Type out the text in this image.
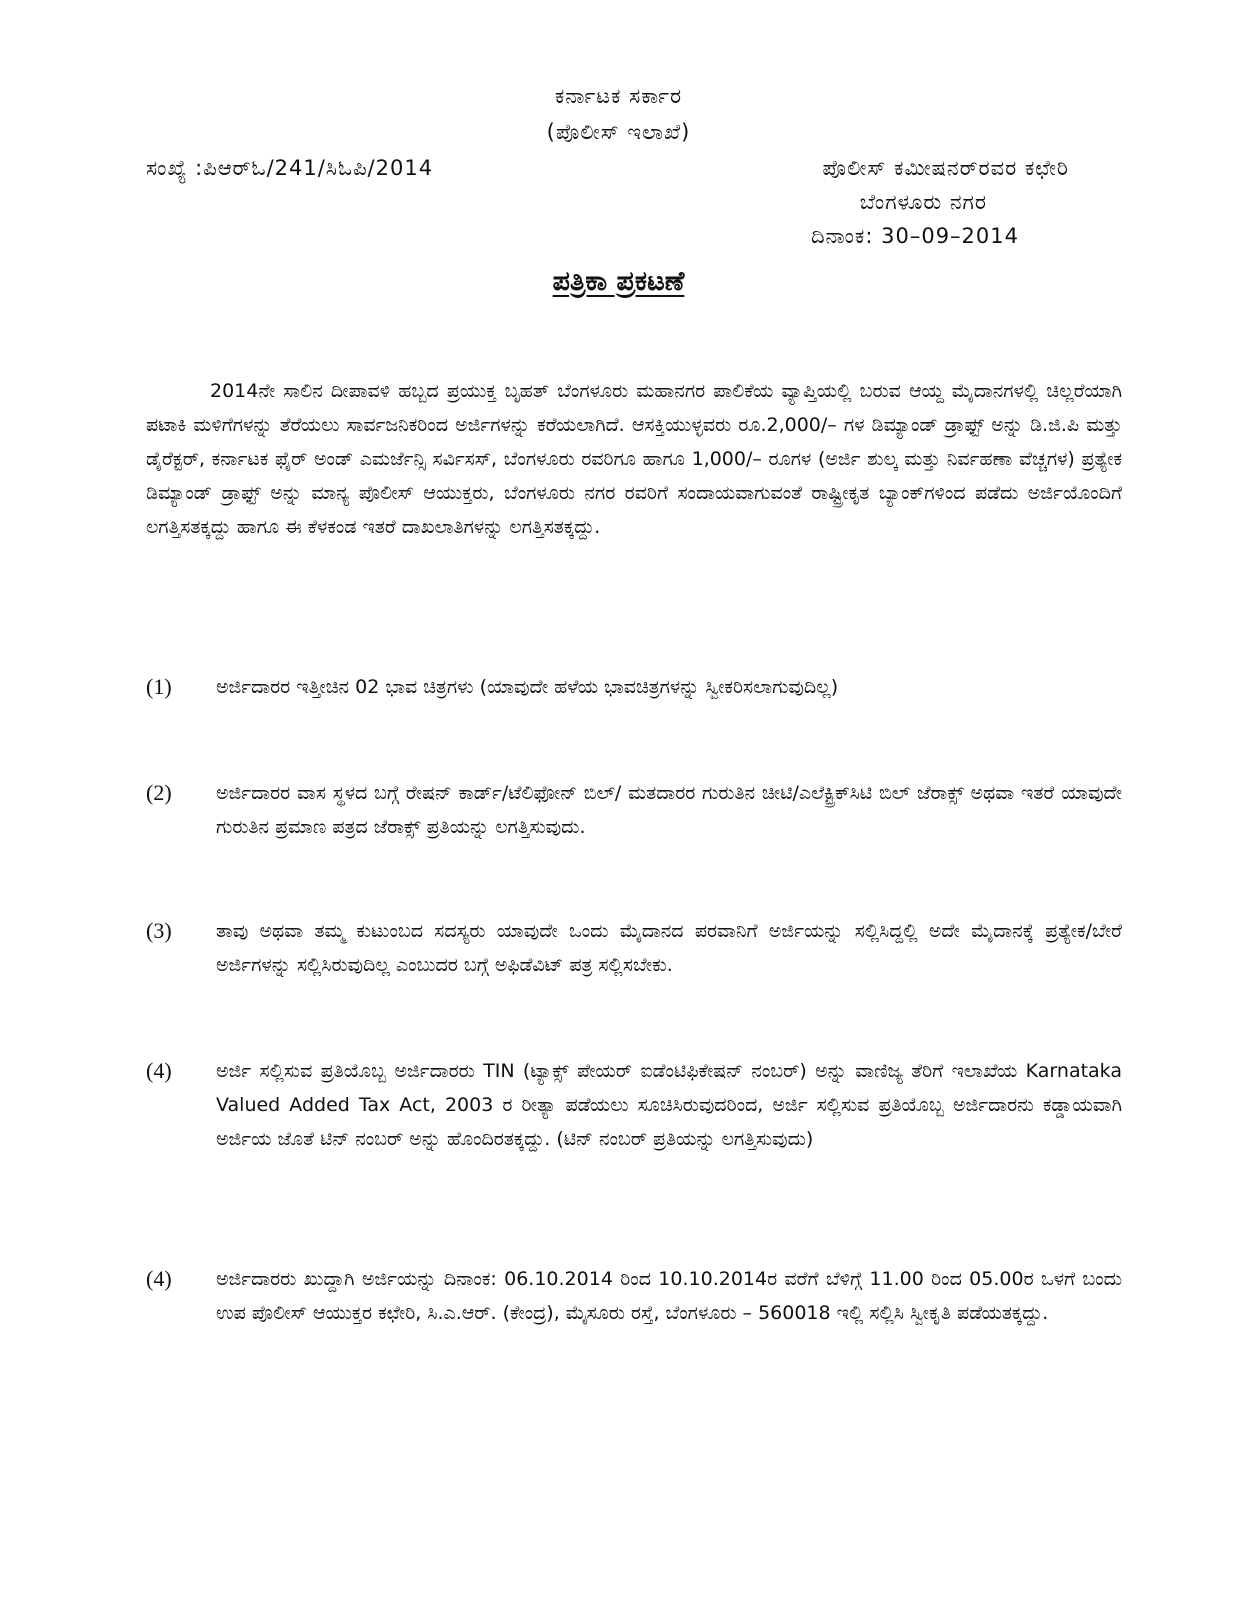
ಕರ್ನಾಟಕ ಸರ್ಕಾರ
(ಪೊಲೀಸ್ ಇಲಾಖೆ)
ಸಂಖ್ಯೆ :ಪಿಆರ್‌ಓ/241/ಸಿಓಪಿ/2014	ಪೊಲೀಸ್ ಕಮೀಷನರ್‌ರವರ ಕಛೇರಿ
ಬೆಂಗಳೂರು ನಗರ
ದಿನಾಂಕ: 30–09–2014
ಪತ್ರಿಕಾ ಪ್ರಕಟಣೆ
2014ನೇ ಸಾಲಿನ ದೀಪಾವಳಿ ಹಬ್ಬದ ಪ್ರಯುಕ್ತ ಬೃಹತ್ ಬೆಂಗಳೂರು ಮಹಾನಗರ ಪಾಲಿಕೆಯ ವ್ಯಾಪ್ತಿಯಲ್ಲಿ ಬರುವ ಆಯ್ದ ಮೈದಾನಗಳಲ್ಲಿ ಚಿಲ್ಲರೆಯಾಗಿ ಪಟಾಕಿ ಮಳಿಗೆಗಳನ್ನು ತೆರೆಯಲು ಸಾರ್ವಜನಿಕರಿಂದ ಅರ್ಜಿಗಳನ್ನು ಕರೆಯಲಾಗಿದೆ. ಆಸಕ್ತಿಯುಳ್ಳವರು ರೂ.2,000/– ಗಳ ಡಿಮ್ಯಾಂಡ್ ಡ್ರಾಫ್ಟ್ ಅನ್ನು ಡಿ.ಜಿ.ಪಿ ಮತ್ತು ಡೈರೆಕ್ಟರ್, ಕರ್ನಾಟಕ ಫೈರ್ ಅಂಡ್ ಎಮರ್ಜೆನ್ಸಿ ಸರ್ವಿಸಸ್, ಬೆಂಗಳೂರು ರವರಿಗೂ ಹಾಗೂ 1,000/– ರೂಗಳ (ಅರ್ಜಿ ಶುಲ್ಕ ಮತ್ತು ನಿರ್ವಹಣಾ ವೆಚ್ಚಗಳ) ಪ್ರತ್ಯೇಕ ಡಿಮ್ಯಾಂಡ್ ಡ್ರಾಫ್ಟ್ ಅನ್ನು ಮಾನ್ಯ ಪೊಲೀಸ್ ಆಯುಕ್ತರು, ಬೆಂಗಳೂರು ನಗರ ರವರಿಗೆ ಸಂದಾಯವಾಗುವಂತೆ ರಾಷ್ಟ್ರೀಕೃತ ಬ್ಯಾಂಕ್‌ಗಳಿಂದ ಪಡೆದು ಅರ್ಜಿಯೊಂದಿಗೆ ಲಗತ್ತಿಸತಕ್ಕದ್ದು ಹಾಗೂ ಈ ಕೆಳಕಂಡ ಇತರೆ ದಾಖಲಾತಿಗಳನ್ನು ಲಗತ್ತಿಸತಕ್ಕದ್ದು.
(1) ಅರ್ಜಿದಾರರ ಇತ್ತೀಚಿನ 02 ಭಾವ ಚಿತ್ರಗಳು (ಯಾವುದೇ ಹಳೆಯ ಭಾವಚಿತ್ರಗಳನ್ನು ಸ್ವೀಕರಿಸಲಾಗುವುದಿಲ್ಲ)
(2) ಅರ್ಜಿದಾರರ ವಾಸ ಸ್ಥಳದ ಬಗ್ಗೆ ರೇಷನ್ ಕಾರ್ಡ್/ಟೆಲಿಫೋನ್ ಬಿಲ್/ ಮತದಾರರ ಗುರುತಿನ ಚೀಟಿ/ಎಲೆಕ್ಟ್ರಿಕ್‌ಸಿಟಿ ಬಿಲ್ ಜೆರಾಕ್ಸ್ ಅಥವಾ ಇತರೆ ಯಾವುದೇ ಗುರುತಿನ ಪ್ರಮಾಣ ಪತ್ರದ ಜೆರಾಕ್ಸ್ ಪ್ರತಿಯನ್ನು ಲಗತ್ತಿಸುವುದು.
(3) ತಾವು ಅಥವಾ ತಮ್ಮ ಕುಟುಂಬದ ಸದಸ್ಯರು ಯಾವುದೇ ಒಂದು ಮೈದಾನದ ಪರವಾನಿಗೆ ಅರ್ಜಿಯನ್ನು ಸಲ್ಲಿಸಿದ್ದಲ್ಲಿ ಅದೇ ಮೈದಾನಕ್ಕೆ ಪ್ರತ್ಯೇಕ/ಬೇರೆ ಅರ್ಜಿಗಳನ್ನು ಸಲ್ಲಿಸಿರುವುದಿಲ್ಲ ಎಂಬುದರ ಬಗ್ಗೆ ಅಫಿಡೆವಿಟ್ ಪತ್ರ ಸಲ್ಲಿಸಬೇಕು.
(4) ಅರ್ಜಿ ಸಲ್ಲಿಸುವ ಪ್ರತಿಯೊಬ್ಬ ಅರ್ಜಿದಾರರು TIN (ಟ್ಯಾಕ್ಸ್ ಪೇಯರ್ ಐಡೆಂಟಿಫಿಕೇಷನ್ ನಂಬರ್) ಅನ್ನು ವಾಣಿಜ್ಯ ತೆರಿಗೆ ಇಲಾಖೆಯ Karnataka Valued Added Tax Act, 2003 ರ ರೀತ್ಯಾ ಪಡೆಯಲು ಸೂಚಿಸಿರುವುದರಿಂದ, ಅರ್ಜಿ ಸಲ್ಲಿಸುವ ಪ್ರತಿಯೊಬ್ಬ ಅರ್ಜಿದಾರನು ಕಡ್ಡಾಯವಾಗಿ ಅರ್ಜಿಯ ಜೊತೆ ಟಿನ್ ನಂಬರ್ ಅನ್ನು ಹೊಂದಿರತಕ್ಕದ್ದು. (ಟಿನ್ ನಂಬರ್ ಪ್ರತಿಯನ್ನು ಲಗತ್ತಿಸುವುದು)
(4) ಅರ್ಜಿದಾರರು ಖುದ್ದಾಗಿ ಅರ್ಜಿಯನ್ನು ದಿನಾಂಕ: 06.10.2014 ರಿಂದ 10.10.2014ರ ವರೆಗೆ ಬೆಳಿಗ್ಗೆ 11.00 ರಿಂದ 05.00ರ ಒಳಗೆ ಬಂದು ಉಪ ಪೊಲೀಸ್ ಆಯುಕ್ತರ ಕಛೇರಿ, ಸಿ.ಎ.ಆರ್. (ಕೇಂದ್ರ), ಮೈಸೂರು ರಸ್ತೆ, ಬೆಂಗಳೂರು – 560018 ಇಲ್ಲಿ ಸಲ್ಲಿಸಿ ಸ್ವೀಕೃತಿ ಪಡೆಯತಕ್ಕದ್ದು.
